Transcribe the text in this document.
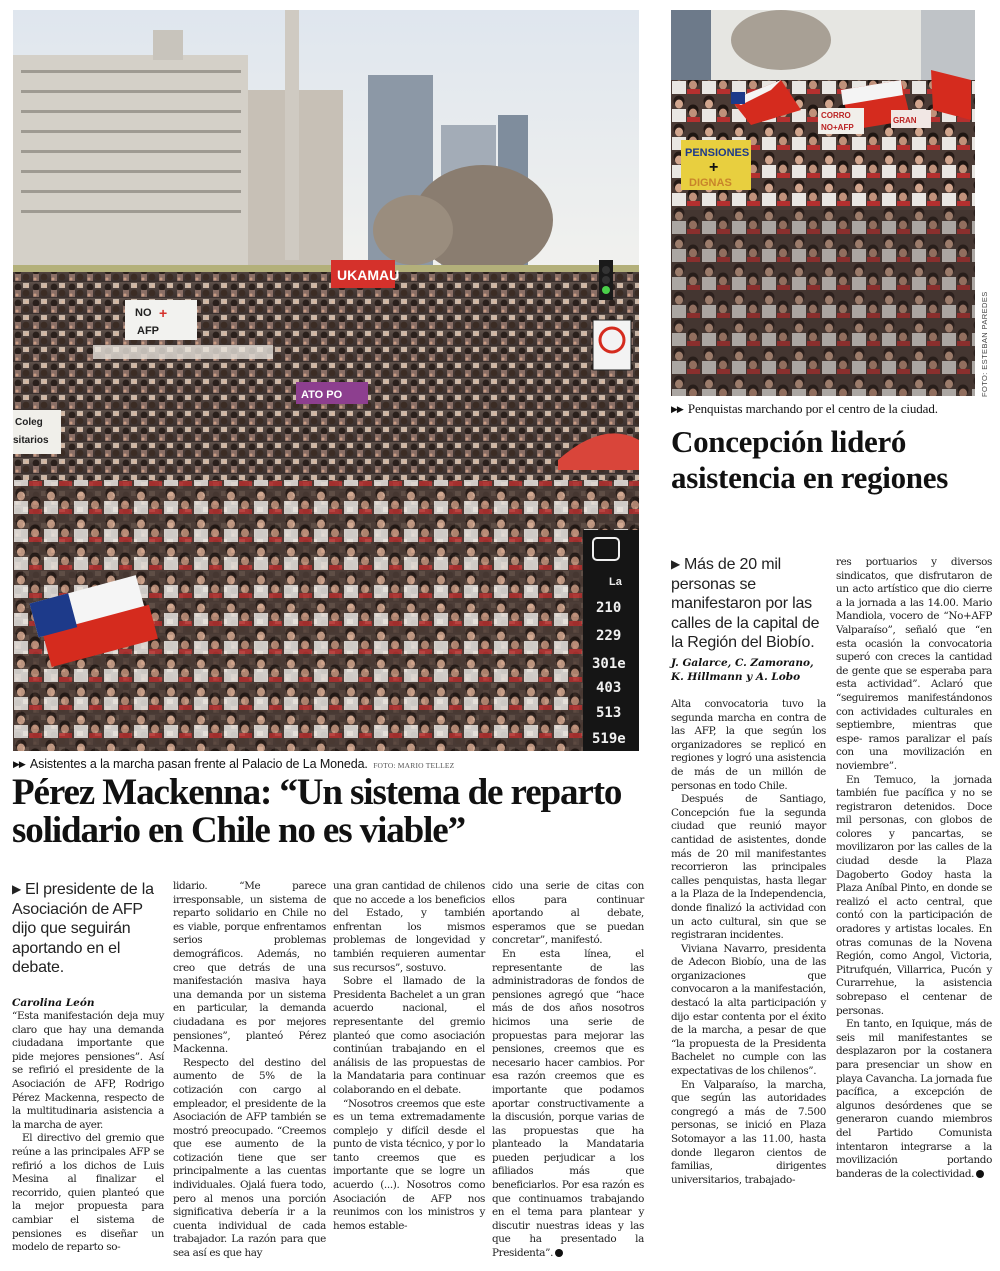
UKAMAU
NO +
AFP
Coleg
sitarios
ATO PO
La
210
229
301e
403
513
519e
PENSIONES
+
DIGNAS
CORRO
NO+AFP
GRAN
FOTO: ESTEBAN PAREDES
▶▶ Asistentes a la marcha pasan frente al Palacio de La Moneda. FOTO: MARIO TELLEZ
▶▶ Penquistas marchando por el centro de la ciudad.
Pérez Mackenna: “Un sistema de reparto solidario en Chile no es viable”
Concepción lideró asistencia en regiones
▶ El presidente de la Asociación de AFP dijo que seguirán aportando en el debate.
▶ Más de 20 mil personas se manifestaron por las calles de la capital de la Región del Biobío.
Carolina León
J. Galarce, C. Zamorano, K. Hillmann y A. Lobo

“Esta manifestación deja muy claro que hay una demanda ciudadana importante que pide mejores pensiones”. Así se refirió el presidente de la Asociación de AFP, Rodrigo Pérez Mackenna, respecto de la multitudinaria asistencia a la marcha de ayer.

El directivo del gremio que reúne a las principales AFP se refirió a los dichos de Luis Mesina al finalizar el recorrido, quien planteó que la mejor propuesta para cambiar el sistema de pensiones es diseñar un modelo de reparto so-

lidario. “Me parece irresponsable, un sistema de reparto solidario en Chile no es viable, porque enfrentamos serios problemas demográficos. Además, no creo que detrás de una manifestación masiva haya una demanda por un sistema en particular, la demanda ciudadana es por mejores pensiones”, planteó Pérez Mackenna.

Respecto del destino del aumento de 5% de la cotización con cargo al empleador, el presidente de la Asociación de AFP también se mostró preocupado. “Creemos que ese aumento de la cotización tiene que ser principalmente a las cuentas individuales. Ojalá fuera todo, pero al menos una porción significativa debería ir a la cuenta individual de cada trabajador. La razón para que sea así es que hay

una gran cantidad de chilenos que no accede a los beneficios del Estado, y también enfrentan los mismos problemas de longevidad y también requieren aumentar sus recursos”, sostuvo.

Sobre el llamado de la Presidenta Bachelet a un gran acuerdo nacional, el representante del gremio planteó que como asociación continúan trabajando en el análisis de las propuestas de la Mandataria para continuar colaborando en el debate.

“Nosotros creemos que este es un tema extremadamente complejo y difícil desde el punto de vista técnico, y por lo tanto creemos que es importante que se logre un acuerdo (...). Nosotros como Asociación de AFP nos reunimos con los ministros y hemos estable-

cido una serie de citas con ellos para continuar aportando al debate, esperamos que se puedan concretar”, manifestó.

En esta línea, el representante de las administradoras de fondos de pensiones agregó que “hace más de dos años nosotros hicimos una serie de propuestas para mejorar las pensiones, creemos que es necesario hacer cambios. Por esa razón creemos que es importante que podamos aportar constructivamente a la discusión, porque varias de las propuestas que ha planteado la Mandataria pueden perjudicar a los afiliados más que beneficiarlos. Por esa razón es que continuamos trabajando en el tema para plantear y discutir nuestras ideas y las que ha presentado la Presidenta”.

Alta convocatoria tuvo la segunda marcha en contra de las AFP, la que según los organizadores se replicó en regiones y logró una asistencia de más de un millón de personas en todo Chile.

Después de Santiago, Concepción fue la segunda ciudad que reunió mayor cantidad de asistentes, donde más de 20 mil manifestantes recorrieron las principales calles penquistas, hasta llegar a la Plaza de la Independencia, donde finalizó la actividad con un acto cultural, sin que se registraran incidentes.

Viviana Navarro, presidenta de Adecon Biobío, una de las organizaciones que convocaron a la manifestación, destacó la alta participación y dijo estar contenta por el éxito de la marcha, a pesar de que “la propuesta de la Presidenta Bachelet no cumple con las expectativas de los chilenos”.

En Valparaíso, la marcha, que según las autoridades congregó a más de 7.500 personas, se inició en Plaza Sotomayor a las 11.00, hasta donde llegaron cientos de familias, dirigentes universitarios, trabajado-

res portuarios y diversos sindicatos, que disfrutaron de un acto artístico que dio cierre a la jornada a las 14.00. Mario Mandiola, vocero de “No+AFP Valparaíso”, señaló que “en esta ocasión la convocatoria superó con creces la cantidad de gente que se esperaba para esta actividad”. Aclaró que “seguiremos manifestándonos con actividades culturales en septiembre, mientras que espe- ramos paralizar el país con una movilización en noviembre”.

En Temuco, la jornada también fue pacífica y no se registraron detenidos. Doce mil personas, con globos de colores y pancartas, se movilizaron por las calles de la ciudad desde la Plaza Dagoberto Godoy hasta la Plaza Aníbal Pinto, en donde se realizó el acto central, que contó con la participación de oradores y artistas locales. En otras comunas de la Novena Región, como Angol, Victoria, Pitrufquén, Villarrica, Pucón y Curarrehue, la asistencia sobrepaso el centenar de personas.

En tanto, en Iquique, más de seis mil manifestantes se desplazaron por la costanera para presenciar un show en playa Cavancha. La jornada fue pacífica, a excepción de algunos desórdenes que se generaron cuando miembros del Partido Comunista intentaron integrarse a la movilización portando banderas de la colectividad.
